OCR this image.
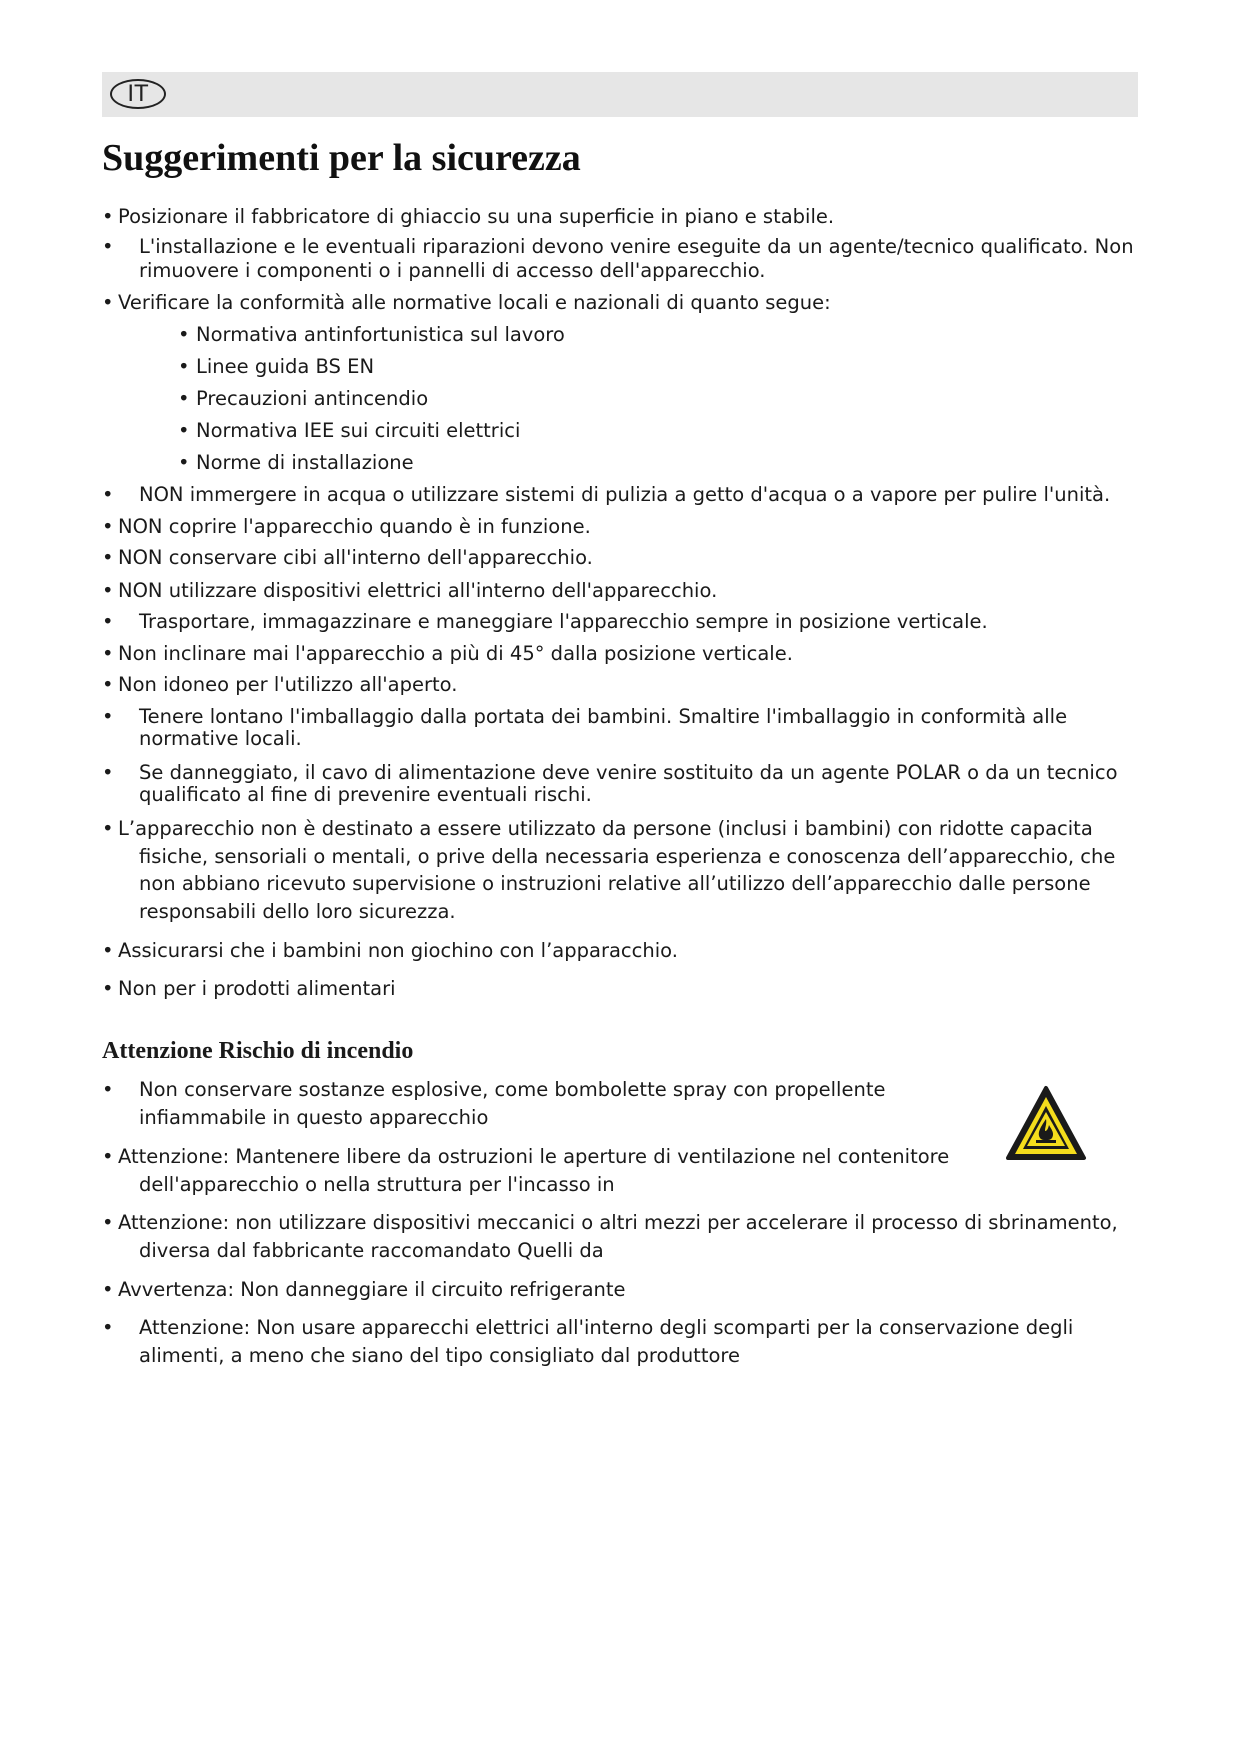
IT
Suggerimenti per la sicurezza
• Posizionare il fabbricatore di ghiaccio su una superficie in piano e stabile.
• L'installazione e le eventuali riparazioni devono venire eseguite da un agente/tecnico qualificato. Non
rimuovere i componenti o i pannelli di accesso dell'apparecchio.
• Verificare la conformità alle normative locali e nazionali di quanto segue:
• Normativa antinfortunistica sul lavoro
• Linee guida BS EN
• Precauzioni antincendio
• Normativa IEE sui circuiti elettrici
• Norme di installazione
• NON immergere in acqua o utilizzare sistemi di pulizia a getto d'acqua o a vapore per pulire l'unità.
• NON coprire l'apparecchio quando è in funzione.
• NON conservare cibi all'interno dell'apparecchio.
• NON utilizzare dispositivi elettrici all'interno dell'apparecchio.
• Trasportare, immagazzinare e maneggiare l'apparecchio sempre in posizione verticale.
• Non inclinare mai l'apparecchio a più di 45° dalla posizione verticale.
• Non idoneo per l'utilizzo all'aperto.
• Tenere lontano l'imballaggio dalla portata dei bambini. Smaltire l'imballaggio in conformità alle
normative locali.
• Se danneggiato, il cavo di alimentazione deve venire sostituito da un agente POLAR o da un tecnico
qualificato al fine di prevenire eventuali rischi.
• L’apparecchio non è destinato a essere utilizzato da persone (inclusi i bambini) con ridotte capacita
fisiche, sensoriali o mentali, o prive della necessaria esperienza e conoscenza dell’apparecchio, che
non abbiano ricevuto supervisione o instruzioni relative all’utilizzo dell’apparecchio dalle persone
responsabili dello loro sicurezza.
• Assicurarsi che i bambini non giochino con l’apparacchio.
• Non per i prodotti alimentari
Attenzione Rischio di incendio
• Non conservare sostanze esplosive, come bombolette spray con propellente
infiammabile in questo apparecchio
• Attenzione: Mantenere libere da ostruzioni le aperture di ventilazione nel contenitore
dell'apparecchio o nella struttura per l'incasso in
• Attenzione: non utilizzare dispositivi meccanici o altri mezzi per accelerare il processo di sbrinamento,
diversa dal fabbricante raccomandato Quelli da
• Avvertenza: Non danneggiare il circuito refrigerante
• Attenzione: Non usare apparecchi elettrici all'interno degli scomparti per la conservazione degli
alimenti, a meno che siano del tipo consigliato dal produttore
